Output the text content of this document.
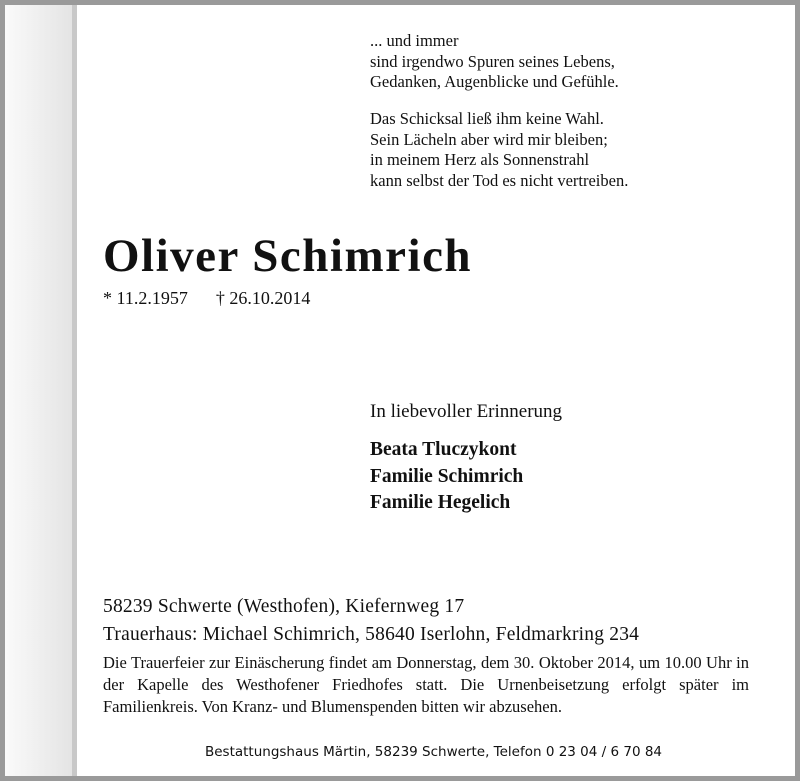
... und immer
sind irgendwo Spuren seines Lebens,
Gedanken, Augenblicke und Gefühle.
Das Schicksal ließ ihm keine Wahl.
Sein Lächeln aber wird mir bleiben;
in meinem Herz als Sonnenstrahl
kann selbst der Tod es nicht vertreiben.
Oliver Schimrich
* 11.2.1957 † 26.10.2014
In liebevoller Erinnerung
Beata Tluczykont
Familie Schimrich
Familie Hegelich
58239 Schwerte (Westhofen), Kiefernweg 17
Trauerhaus: Michael Schimrich, 58640 Iserlohn, Feldmarkring 234
Die Trauerfeier zur Einäscherung findet am Donnerstag, dem 30. Oktober 2014, um 10.00 Uhr in der Kapelle des Westhofener Friedhofes statt. Die Urnenbeisetzung erfolgt später im Familienkreis. Von Kranz- und Blumenspenden bitten wir abzusehen.
Bestattungshaus Märtin, 58239 Schwerte, Telefon 0 23 04 / 6 70 84
